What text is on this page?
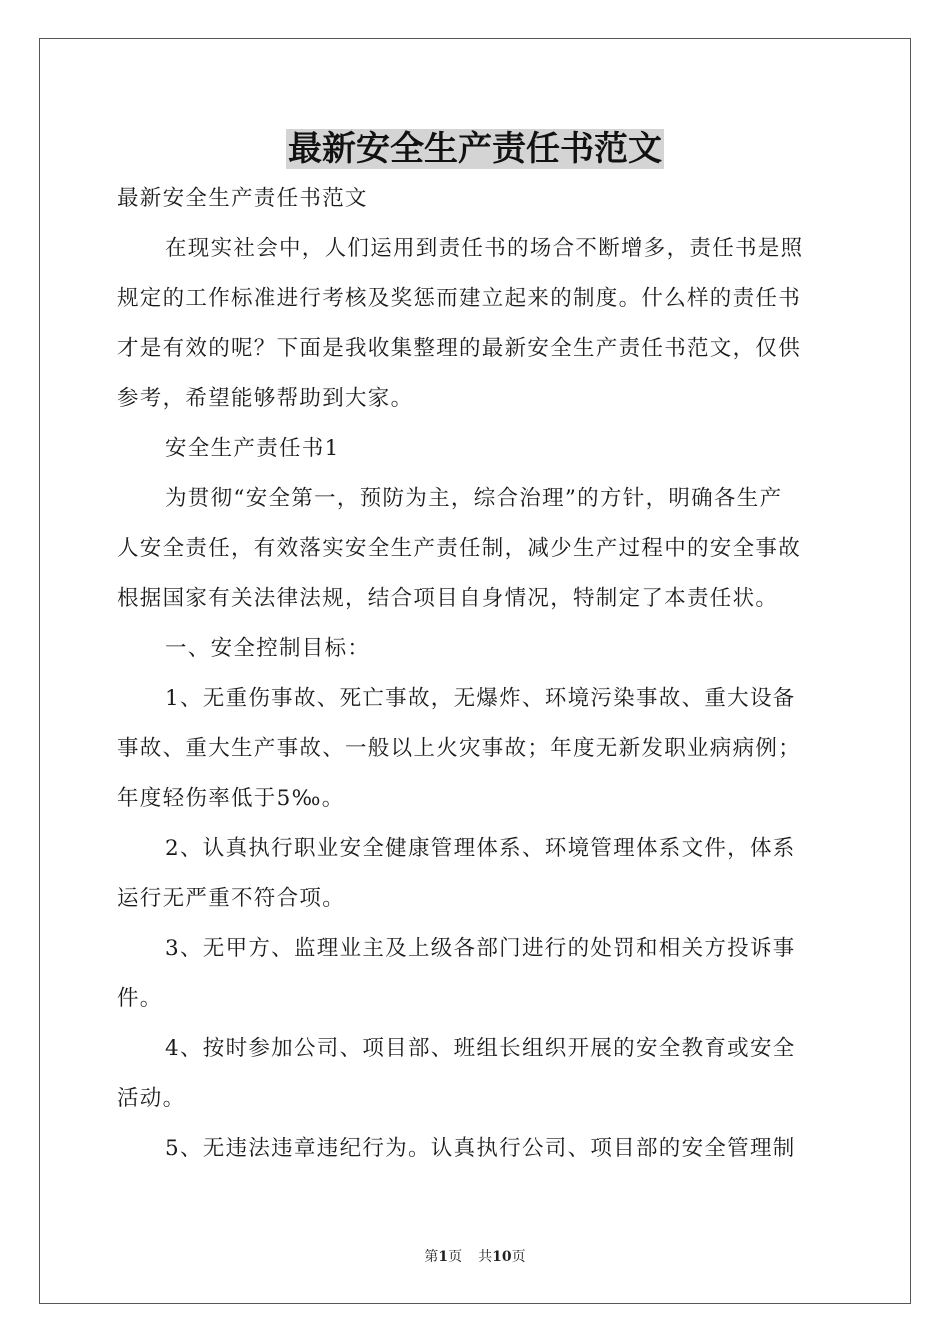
最新安全生产责任书范文

最新安全生产责任书范文

在现实社会中，人们运用到责任书的场合不断增多，责任书是照

规定的工作标准进行考核及奖惩而建立起来的制度。什么样的责任书

才是有效的呢？下面是我收集整理的最新安全生产责任书范文，仅供

参考，希望能够帮助到大家。

安全生产责任书1

为贯彻“安全第一，预防为主，综合治理”的方针，明确各生产

人安全责任，有效落实安全生产责任制，减少生产过程中的安全事故

根据国家有关法律法规，结合项目自身情况，特制定了本责任状。

一、安全控制目标：

1、无重伤事故、死亡事故，无爆炸、环境污染事故、重大设备

事故、重大生产事故、一般以上火灾事故；年度无新发职业病病例；

年度轻伤率低于5‰。

2、认真执行职业安全健康管理体系、环境管理体系文件，体系

运行无严重不符合项。

3、无甲方、监理业主及上级各部门进行的处罚和相关方投诉事

件。

4、按时参加公司、项目部、班组长组织开展的安全教育或安全

活动。

5、无违法违章违纪行为。认真执行公司、项目部的安全管理制

第1页 共10页
